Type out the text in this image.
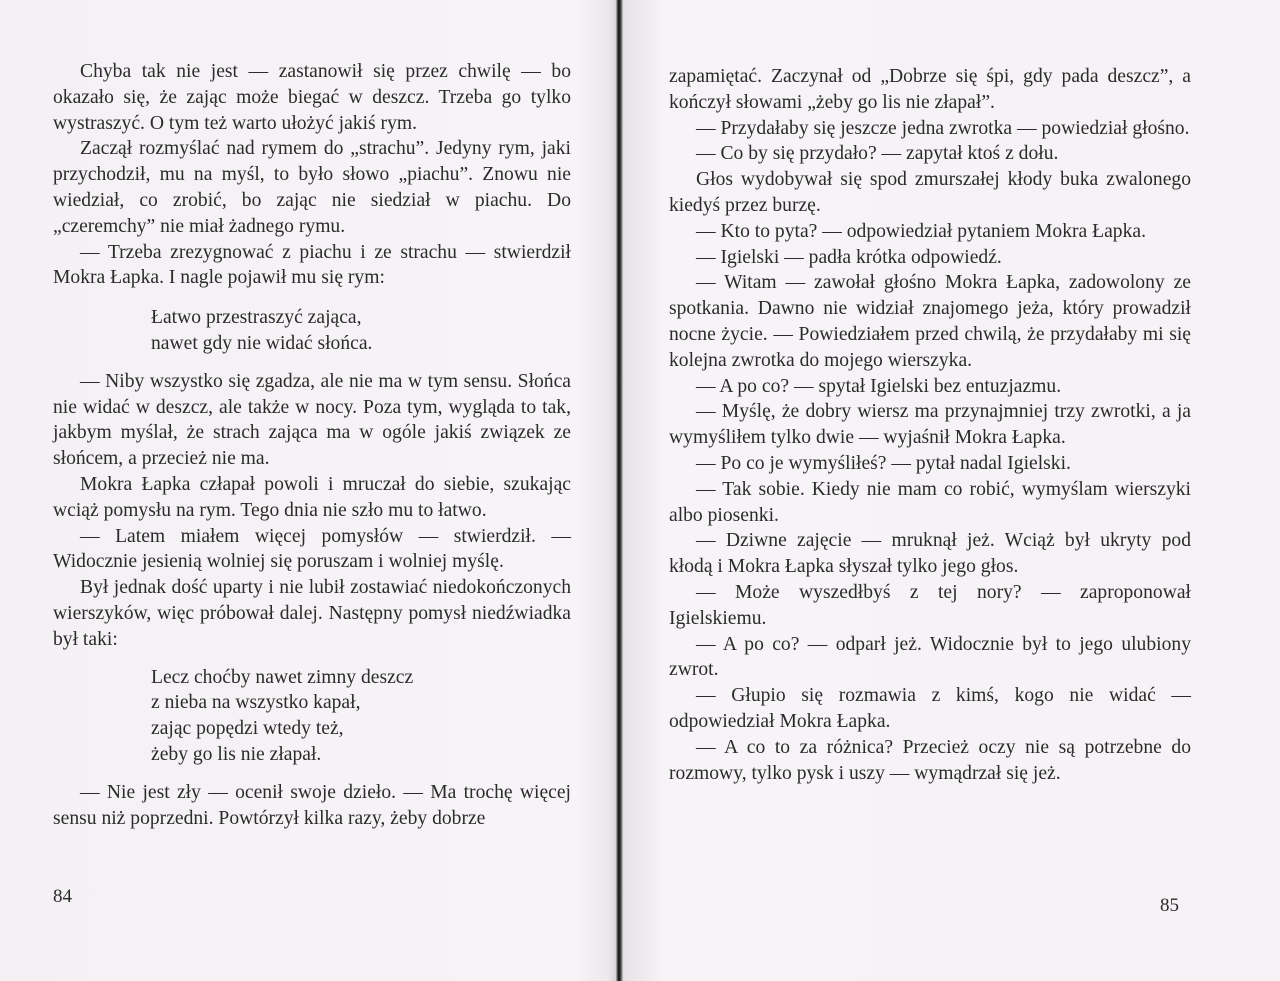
Chyba tak nie jest — zastanowił się przez chwilę — bo okazało się, że zając może biegać w deszcz. Trzeba go tylko wystraszyć. O tym też warto ułożyć jakiś rym.

Zaczął rozmyślać nad rymem do „strachu”. Jedyny rym, jaki przychodził, mu na myśl, to było słowo „piachu”. Znowu nie wiedział, co zrobić, bo zając nie siedział w piachu. Do „czeremchy” nie miał żadnego rymu.

— Trzeba zrezygnować z piachu i ze strachu — stwierdził Mokra Łapka. I nagle pojawił mu się rym:

Łatwo przestraszyć zająca,
nawet gdy nie widać słońca.

— Niby wszystko się zgadza, ale nie ma w tym sensu. Słońca nie widać w deszcz, ale także w nocy. Poza tym, wygląda to tak, jakbym myślał, że strach zająca ma w ogóle jakiś związek ze słońcem, a przecież nie ma.

Mokra Łapka człapał powoli i mruczał do siebie, szukając wciąż pomysłu na rym. Tego dnia nie szło mu to łatwo.

— Latem miałem więcej pomysłów — stwierdził. — Widocznie jesienią wolniej się poruszam i wolniej myślę.

Był jednak dość uparty i nie lubił zostawiać niedokończonych wierszyków, więc próbował dalej. Następny pomysł niedźwiadka był taki:

Lecz choćby nawet zimny deszcz
z nieba na wszystko kapał,
zając popędzi wtedy też,
żeby go lis nie złapał.

— Nie jest zły — ocenił swoje dzieło. — Ma trochę więcej sensu niż poprzedni. Powtórzył kilka razy, żeby dobrze

84

zapamiętać. Zaczynał od „Dobrze się śpi, gdy pada deszcz”, a kończył słowami „żeby go lis nie złapał”.

— Przydałaby się jeszcze jedna zwrotka — powiedział głośno.

— Co by się przydało? — zapytał ktoś z dołu.

Głos wydobywał się spod zmurszałej kłody buka zwalonego kiedyś przez burzę.

— Kto to pyta? — odpowiedział pytaniem Mokra Łapka.

— Igielski — padła krótka odpowiedź.

— Witam — zawołał głośno Mokra Łapka, zadowolony ze spotkania. Dawno nie widział znajomego jeża, który prowadził nocne życie. — Powiedziałem przed chwilą, że przydałaby mi się kolejna zwrotka do mojego wierszyka.

— A po co? — spytał Igielski bez entuzjazmu.

— Myślę, że dobry wiersz ma przynajmniej trzy zwrotki, a ja wymyśliłem tylko dwie — wyjaśnił Mokra Łapka.

— Po co je wymyśliłeś? — pytał nadal Igielski.

— Tak sobie. Kiedy nie mam co robić, wymyślam wierszyki albo piosenki.

— Dziwne zajęcie — mruknął jeż. Wciąż był ukryty pod kłodą i Mokra Łapka słyszał tylko jego głos.

— Może wyszedłbyś z tej nory? — zaproponował Igielskiemu.

— A po co? — odparł jeż. Widocznie był to jego ulubiony zwrot.

— Głupio się rozmawia z kimś, kogo nie widać — odpowiedział Mokra Łapka.

— A co to za różnica? Przecież oczy nie są potrzebne do rozmowy, tylko pysk i uszy — wymądrzał się jeż.

85
